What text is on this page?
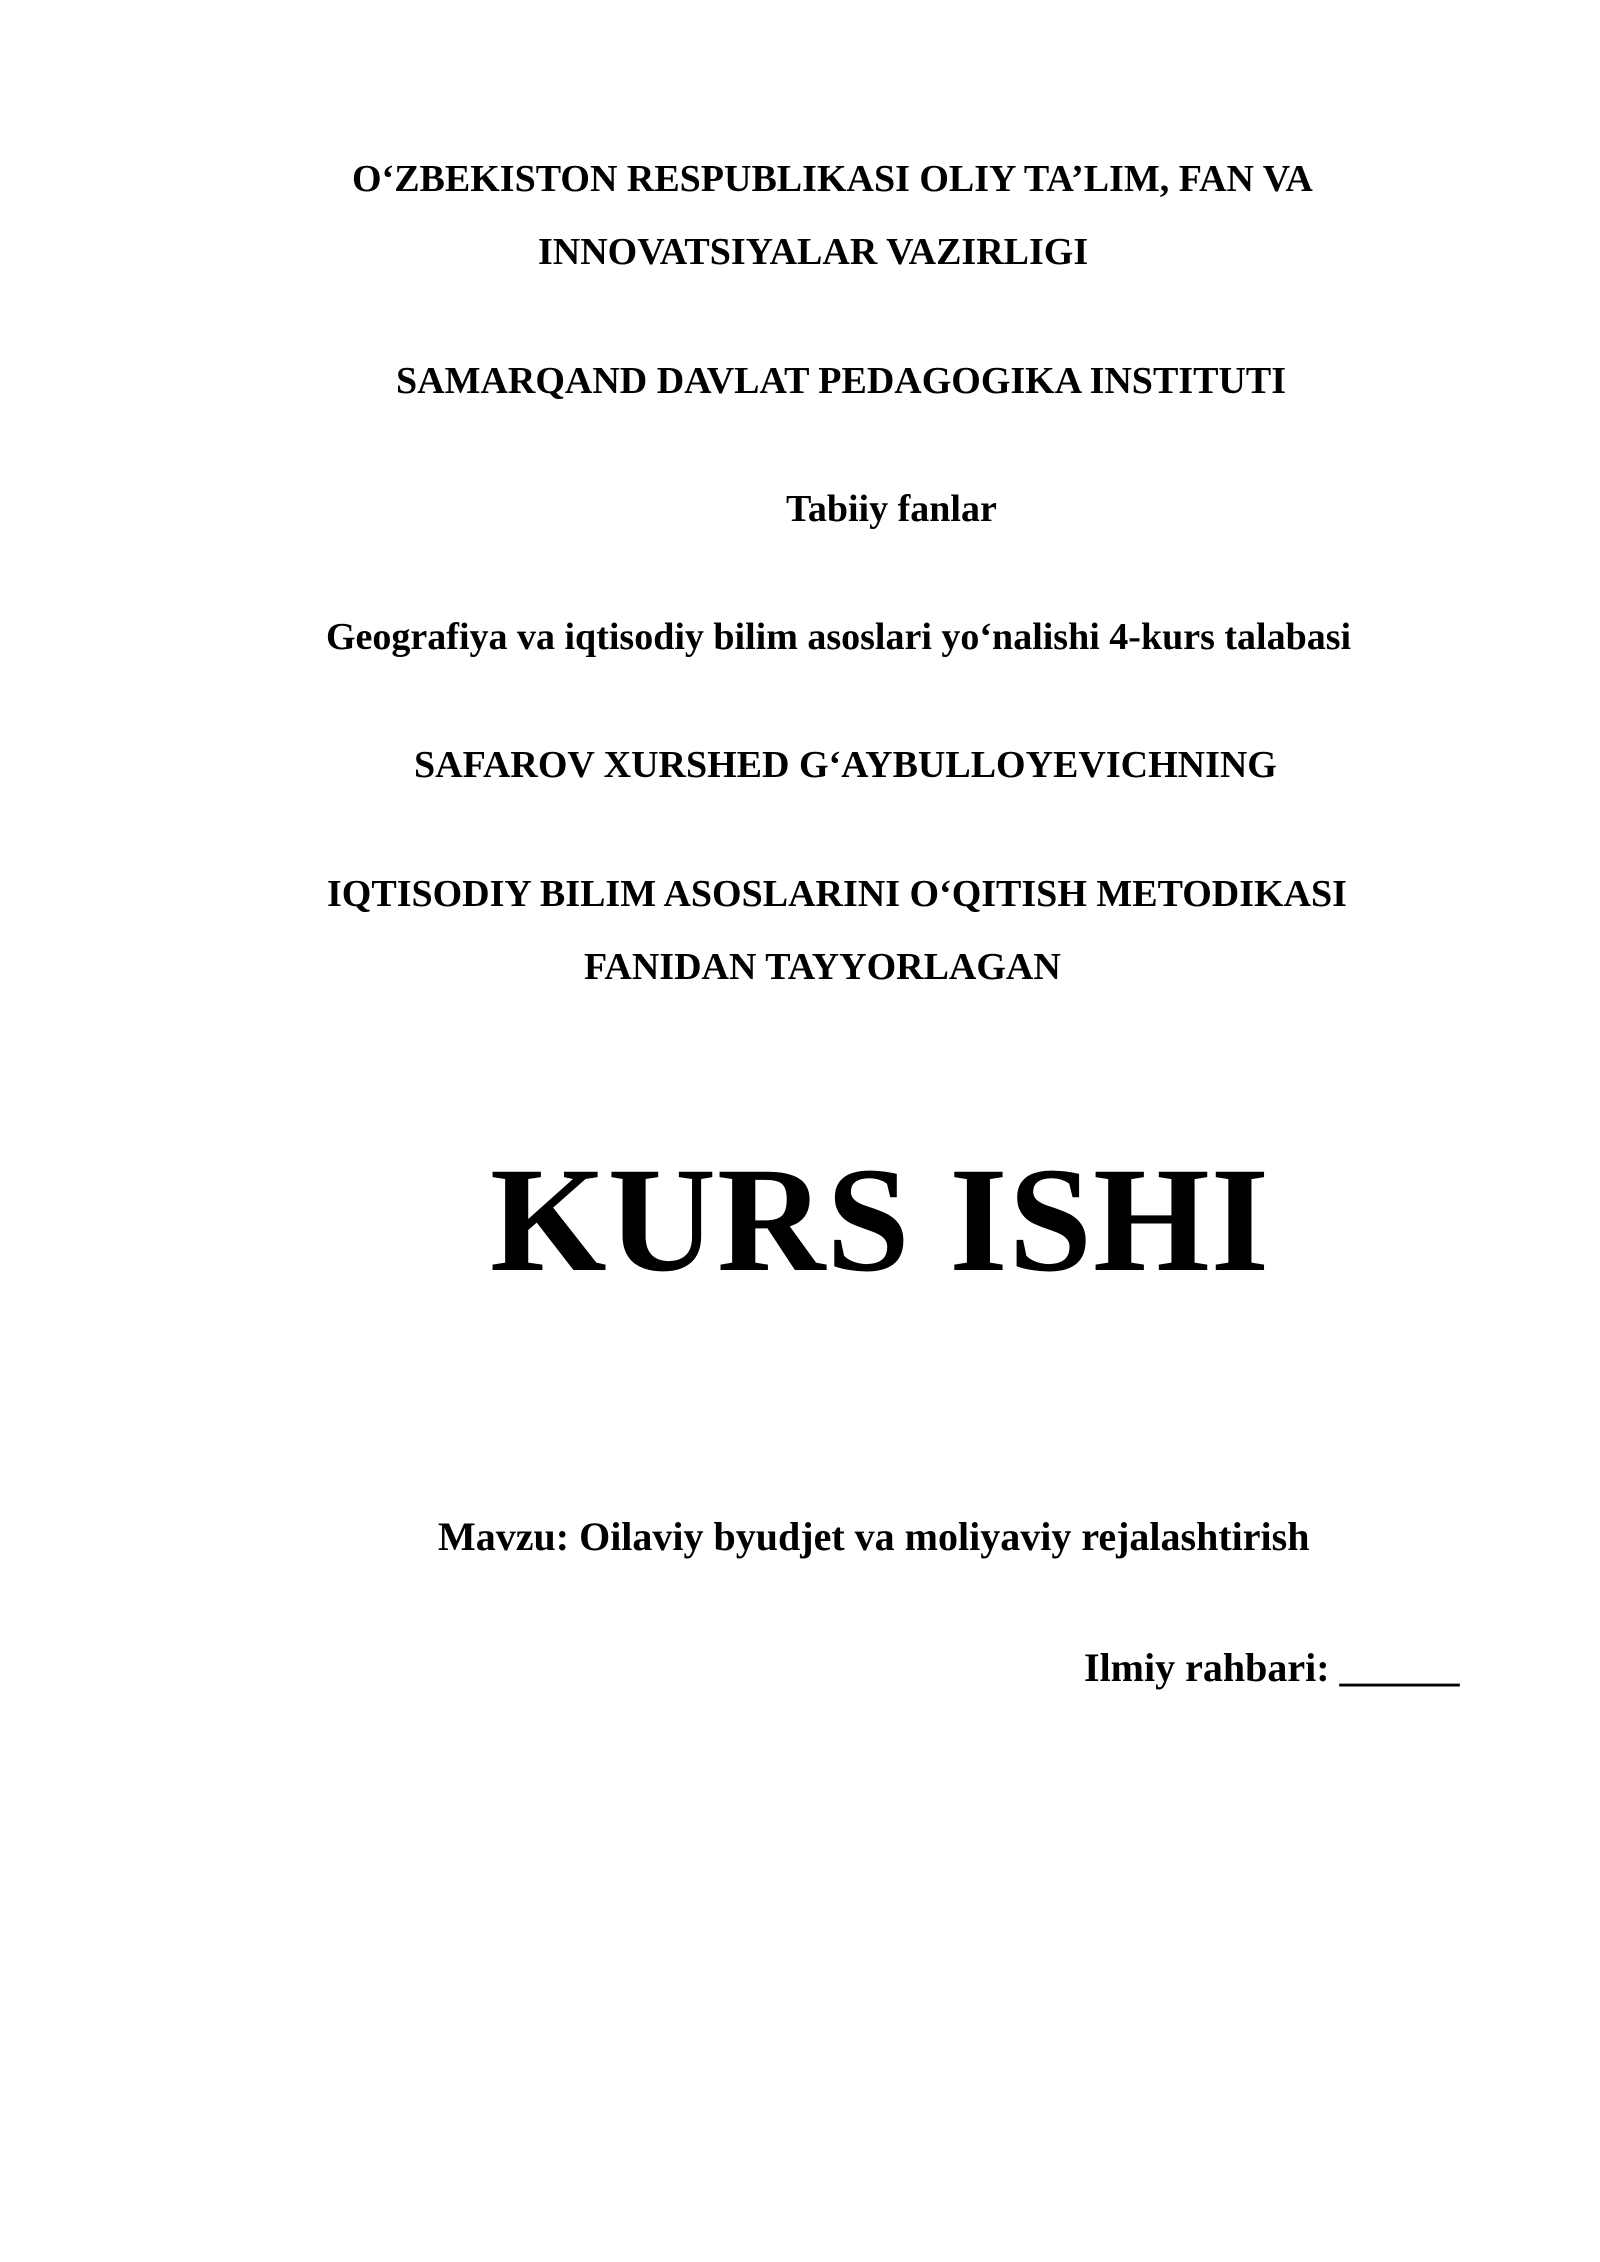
O‘ZBEKISTON RESPUBLIKASI OLIY TA’LIM, FAN VA
INNOVATSIYALAR VAZIRLIGI
SAMARQAND DAVLAT PEDAGOGIKA INSTITUTI
Tabiiy fanlar
Geografiya va iqtisodiy bilim asoslari yo‘nalishi 4-kurs talabasi
SAFAROV XURSHED G‘AYBULLOYEVICHNING
IQTISODIY BILIM ASOSLARINI O‘QITISH METODIKASI
FANIDAN TAYYORLAGAN
KURS ISHI
Mavzu: Oilaviy byudjet va moliyaviy rejalashtirish
Ilmiy rahbari: ______
